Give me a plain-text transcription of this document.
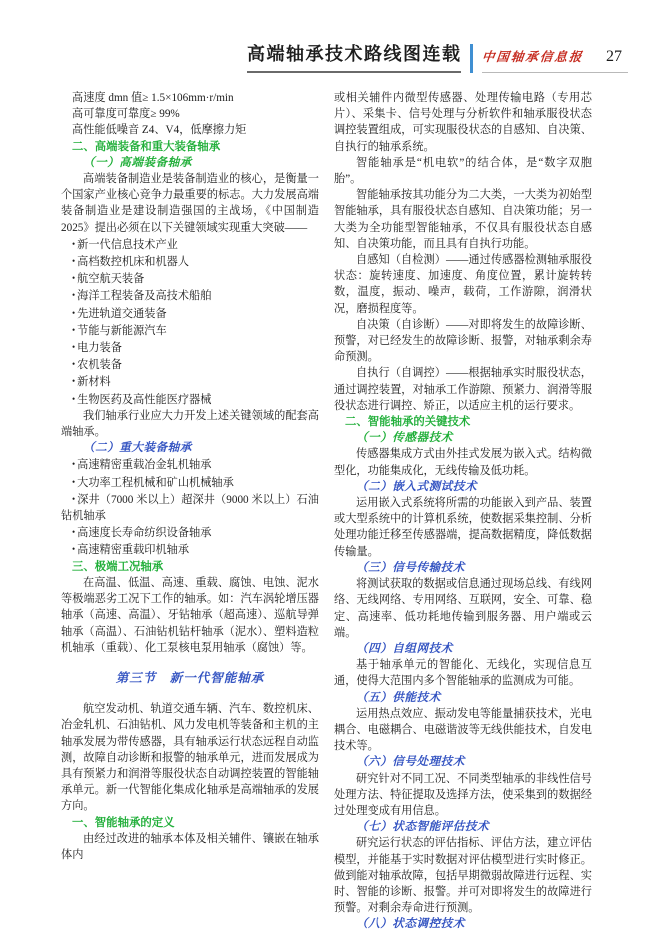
高端轴承技术路线图连载 中国轴承信息报 27
高速度 dmn 值≥ 1.5×106mm·r/min
高可靠度可靠度≥ 99%
高性能低噪音 Z4、V4，低摩擦力矩
二、高端装备和重大装备轴承
（一）高端装备轴承
高端装备制造业是装备制造业的核心，是衡量一个国家产业核心竞争力最重要的标志。大力发展高端装备制造业是建设制造强国的主战场，《中国制造 2025》提出必须在以下关键领域实现重大突破——
• 新一代信息技术产业
• 高档数控机床和机器人
• 航空航天装备
• 海洋工程装备及高技术船舶
• 先进轨道交通装备
• 节能与新能源汽车
• 电力装备
• 农机装备
• 新材料
• 生物医药及高性能医疗器械
我们轴承行业应大力开发上述关键领域的配套高端轴承。
（二）重大装备轴承
• 高速精密重载冶金轧机轴承
• 大功率工程机械和矿山机械轴承
• 深井（7000 米以上）超深井（9000 米以上）石油钻机轴承
• 高速度长寿命纺织设备轴承
• 高速精密重载印机轴承
三、极端工况轴承
在高温、低温、高速、重载、腐蚀、电蚀、泥水等极端恶劣工况下工作的轴承。如：汽车涡轮增压器轴承（高速、高温）、牙钻轴承（超高速）、巡航导弹轴承（高温）、石油钻机钻杆轴承（泥水）、塑料造粒机轴承（重载）、化工泵核电泵用轴承（腐蚀）等。
第三节　新一代智能轴承
航空发动机、轨道交通车辆、汽车、数控机床、冶金轧机、石油钻机、风力发电机等装备和主机的主轴承发展为带传感器，具有轴承运行状态远程自动监测，故障自动诊断和报警的轴承单元，进而发展成为具有预紧力和润滑等服役状态自动调控装置的智能轴承单元。新一代智能化集成化轴承是高端轴承的发展方向。
一、智能轴承的定义
由经过改进的轴承本体及相关辅件、镶嵌在轴承体内
或相关辅件内微型传感器、处理传输电路（专用芯片）、采集卡、信号处理与分析软件和轴承服役状态调控装置组成，可实现服役状态的自感知、自决策、自执行的轴承系统。
智能轴承是“机电软”的结合体，是“数字双胞胎”。
智能轴承按其功能分为二大类，一大类为初始型智能轴承，具有服役状态自感知、自决策功能；另一大类为全功能型智能轴承，不仅具有服役状态自感知、自决策功能，而且具有自执行功能。
自感知（自检测）——通过传感器检测轴承服役状态：旋转速度、加速度、角度位置，累计旋转转数，温度，振动、噪声，载荷，工作游隙，润滑状况，磨损程度等。
自决策（自诊断）——对即将发生的故障诊断、预警，对已经发生的故障诊断、报警，对轴承剩余寿命预测。
自执行（自调控）——根据轴承实时服役状态，通过调控装置，对轴承工作游隙、预紧力、润滑等服役状态进行调控、矫正，以适应主机的运行要求。
二、智能轴承的关键技术
（一）传感器技术
传感器集成方式由外挂式发展为嵌入式。结构微型化，功能集成化，无线传输及低功耗。
（二）嵌入式测试技术
运用嵌入式系统将所需的功能嵌入到产品、装置或大型系统中的计算机系统，使数据采集控制、分析处理功能迁移至传感器端，提高数据精度，降低数据传输量。
（三）信号传输技术
将测试获取的数据或信息通过现场总线、有线网络、无线网络、专用网络、互联网，安全、可靠、稳定、高速率、低功耗地传输到服务器、用户端或云端。
（四）自组网技术
基于轴承单元的智能化、无线化，实现信息互通，使得大范围内多个智能轴承的监测成为可能。
（五）供能技术
运用热点效应、振动发电等能量捕获技术，光电耦合、电磁耦合、电磁谐波等无线供能技术，自发电技术等。
（六）信号处理技术
研究针对不同工况、不同类型轴承的非线性信号处理方法、特征提取及选择方法，使采集到的数据经过处理变成有用信息。
（七）状态智能评估技术
研究运行状态的评估指标、评估方法，建立评估模型，并能基于实时数据对评估模型进行实时修正。做到能对轴承故障，包括早期微弱故障进行远程、实时、智能的诊断、报警。并可对即将发生的故障进行预警。对剩余寿命进行预测。
（八）状态调控技术
